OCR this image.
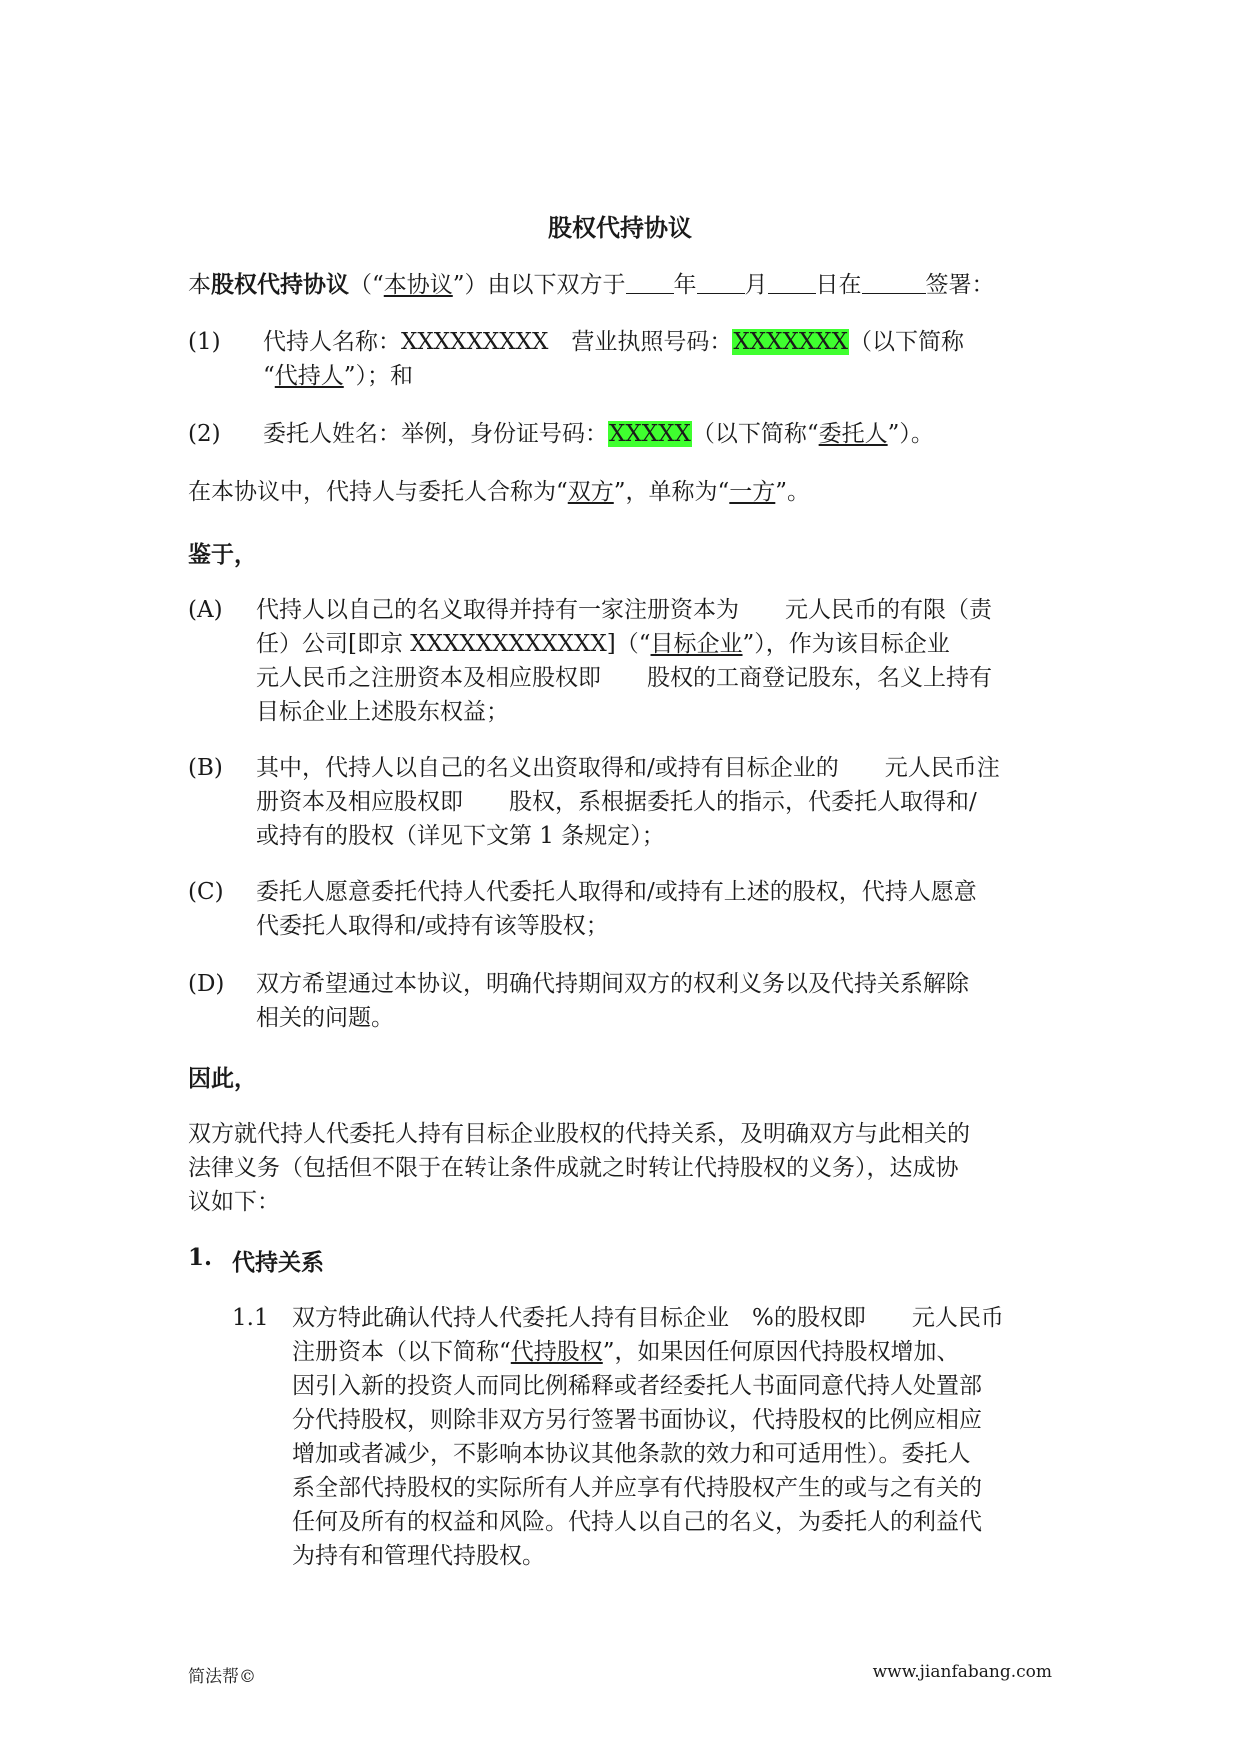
股权代持协议
本股权代持协议（“本协议”）由以下双方于 年 月 日在	签署：
(1) 代持人名称：XXXXXXXXX　营业执照号码：XXXXXXX（以下简称
“代持人”）；和
(2) 委托人姓名：举例，身份证号码：XXXXX（以下简称“委托人”）。
在本协议中，代持人与委托人合称为“双方”，单称为“一方”。
鉴于，
(A) 代持人以自己的名义取得并持有一家注册资本为　　元人民币的有限（责
任）公司[即京 XXXXXXXXXXXX]（“目标企业”），作为该目标企业
元人民币之注册资本及相应股权即　　股权的工商登记股东，名义上持有
目标企业上述股东权益；
(B) 其中，代持人以自己的名义出资取得和/或持有目标企业的　　元人民币注
册资本及相应股权即　　股权，系根据委托人的指示，代委托人取得和/
或持有的股权（详见下文第 1 条规定）；
(C) 委托人愿意委托代持人代委托人取得和/或持有上述的股权，代持人愿意
代委托人取得和/或持有该等股权；
(D) 双方希望通过本协议，明确代持期间双方的权利义务以及代持关系解除
相关的问题。
因此，
双方就代持人代委托人持有目标企业股权的代持关系，及明确双方与此相关的
法律义务（包括但不限于在转让条件成就之时转让代持股权的义务），达成协
议如下：
1. 代持关系
1.1 双方特此确认代持人代委托人持有目标企业　%的股权即　　元人民币
注册资本（以下简称“代持股权”，如果因任何原因代持股权增加、
因引入新的投资人而同比例稀释或者经委托人书面同意代持人处置部
分代持股权，则除非双方另行签署书面协议，代持股权的比例应相应
增加或者减少，不影响本协议其他条款的效力和可适用性）。委托人
系全部代持股权的实际所有人并应享有代持股权产生的或与之有关的
任何及所有的权益和风险。代持人以自己的名义，为委托人的利益代
为持有和管理代持股权。
简法帮©	www.jianfabang.com
